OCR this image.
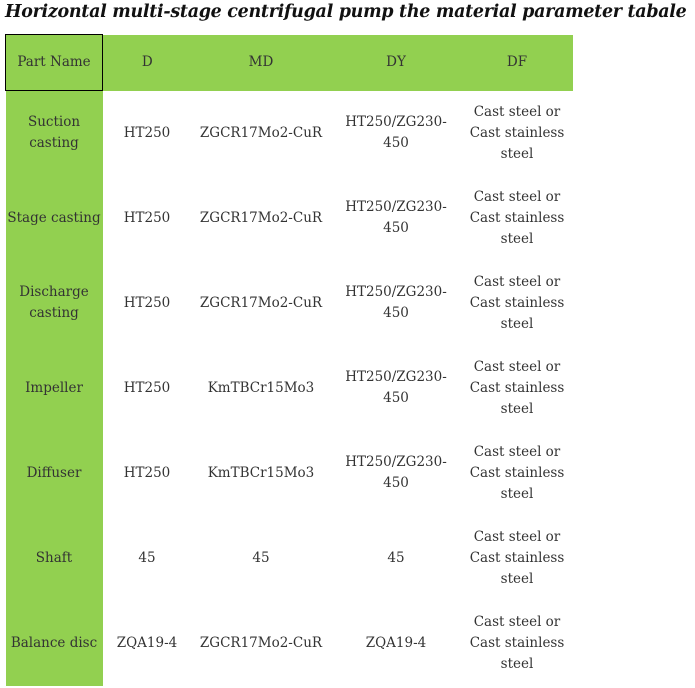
Horizontal multi-stage centrifugal pump the material parameter tabale
Part Name	D	MD	DY	DF
Suction casting	HT250	ZGCR17Mo2-CuR	HT250/ZG230-450	Cast steel or Cast stainless steel
Stage casting	HT250	ZGCR17Mo2-CuR	HT250/ZG230-450	Cast steel or Cast stainless steel
Discharge casting	HT250	ZGCR17Mo2-CuR	HT250/ZG230-450	Cast steel or Cast stainless steel
Impeller	HT250	KmTBCr15Mo3	HT250/ZG230-450	Cast steel or Cast stainless steel
Diffuser	HT250	KmTBCr15Mo3	HT250/ZG230-450	Cast steel or Cast stainless steel
Shaft	45	45	45	Cast steel or Cast stainless steel
Balance disc	ZQA19-4	ZGCR17Mo2-CuR	ZQA19-4	Cast steel or Cast stainless steel
